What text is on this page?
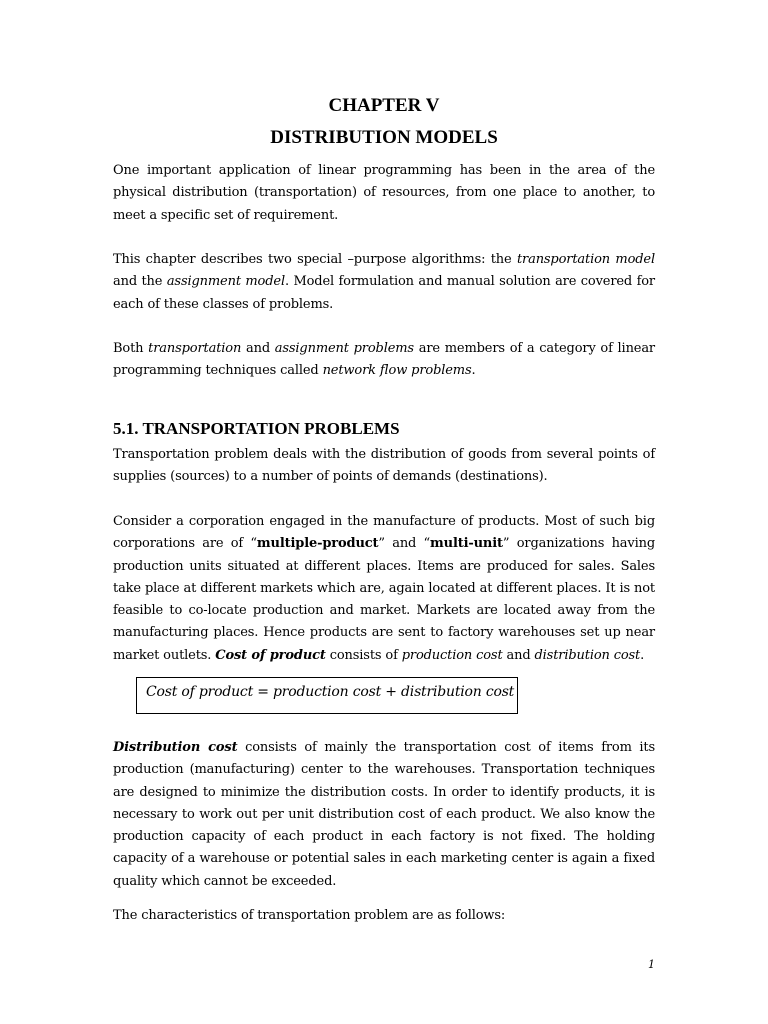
CHAPTER V
DISTRIBUTION MODELS

One important application of linear programming has been in the area of the physical distribution (transportation) of resources, from one place to another, to meet a specific set of requirement.

This chapter describes two special –purpose algorithms: the transportation model and the assignment model. Model formulation and manual solution are covered for each of these classes of problems.

Both transportation and assignment problems are members of a category of linear programming techniques called network flow problems.

5.1. TRANSPORTATION PROBLEMS

Transportation problem deals with the distribution of goods from several points of supplies (sources) to a number of points of demands (destinations).

Consider a corporation engaged in the manufacture of products. Most of such big corporations are of “multiple-product” and “multi-unit” organizations having production units situated at different places. Items are produced for sales. Sales take place at different markets which are, again located at different places. It is not feasible to co-locate production and market. Markets are located away from the manufacturing places. Hence products are sent to factory warehouses set up near market outlets. Cost of product consists of production cost and distribution cost.

Cost of product = production cost + distribution cost

Distribution cost consists of mainly the transportation cost of items from its production (manufacturing) center to the warehouses. Transportation techniques are designed to minimize the distribution costs. In order to identify products, it is necessary to work out per unit distribution cost of each product. We also know the production capacity of each product in each factory is not fixed. The holding capacity of a warehouse or potential sales in each marketing center is again a fixed quality which cannot be exceeded.

The characteristics of transportation problem are as follows:

1
